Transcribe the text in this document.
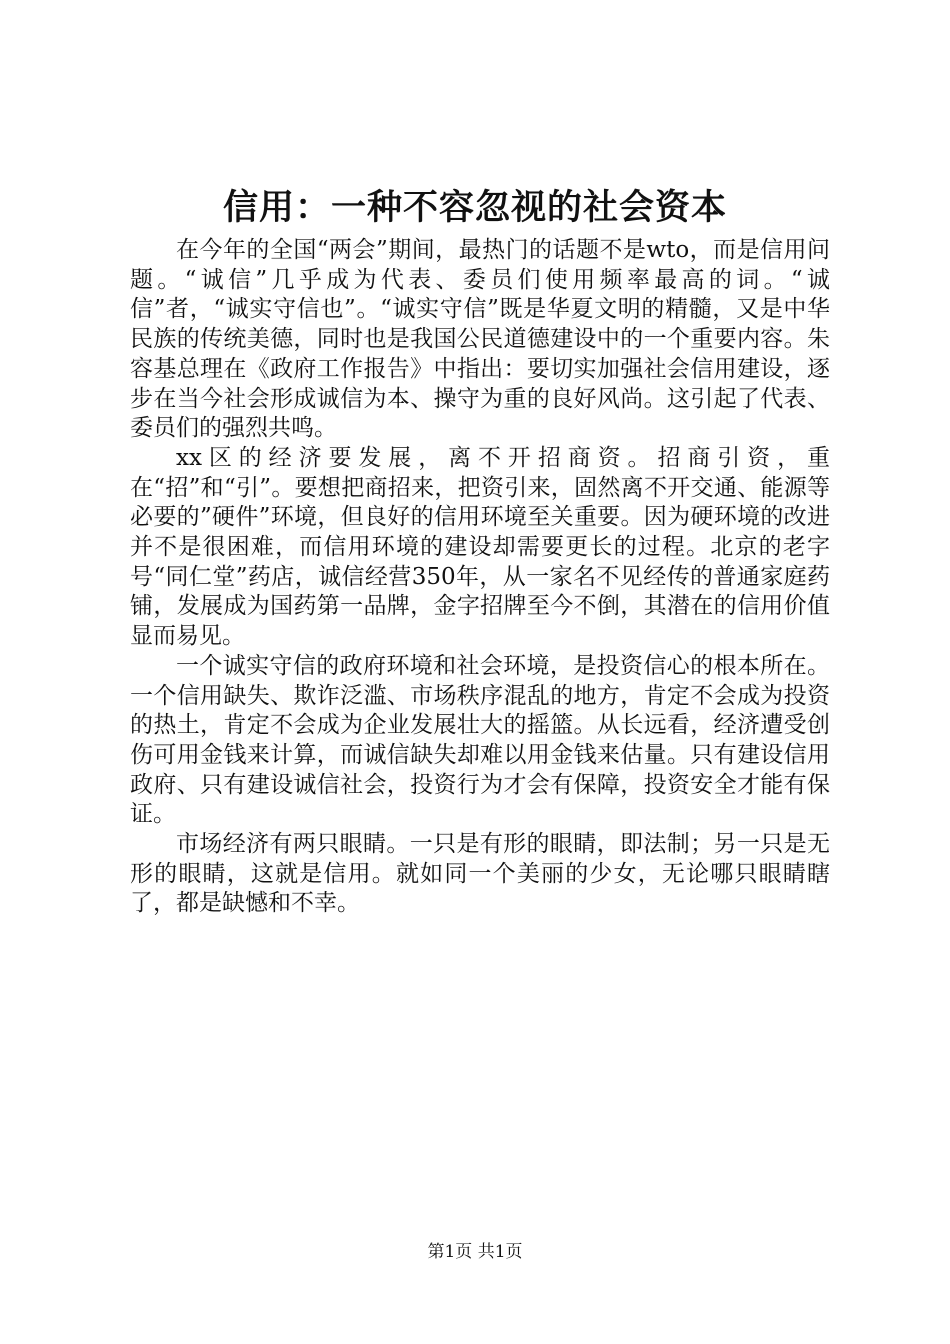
信用：一种不容忽视的社会资本

在今年的全国“两会”期间，最热门的话题不是wto，而是信用问题。“诚信”几乎成为代表、委员们使用频率最高的词。“诚信”者，“诚实守信也”。“诚实守信”既是华夏文明的精髓，又是中华民族的传统美德，同时也是我国公民道德建设中的一个重要内容。朱容基总理在《政府工作报告》中指出：要切实加强社会信用建设，逐步在当今社会形成诚信为本、操守为重的良好风尚。这引起了代表、委员们的强烈共鸣。

xx区的经济要发展，离不开招商资。招商引资，重在“招”和“引”。要想把商招来，把资引来，固然离不开交通、能源等必要的”硬件”环境，但良好的信用环境至关重要。因为硬环境的改进并不是很困难，而信用环境的建设却需要更长的过程。北京的老字号“同仁堂”药店，诚信经营350年，从一家名不见经传的普通家庭药铺，发展成为国药第一品牌，金字招牌至今不倒，其潜在的信用价值显而易见。

一个诚实守信的政府环境和社会环境，是投资信心的根本所在。一个信用缺失、欺诈泛滥、市场秩序混乱的地方，肯定不会成为投资的热土，肯定不会成为企业发展壮大的摇篮。从长远看，经济遭受创伤可用金钱来计算，而诚信缺失却难以用金钱来估量。只有建设信用政府、只有建设诚信社会，投资行为才会有保障，投资安全才能有保证。

市场经济有两只眼睛。一只是有形的眼睛，即法制；另一只是无形的眼睛，这就是信用。就如同一个美丽的少女，无论哪只眼睛瞎了，都是缺憾和不幸。

第1页 共1页
